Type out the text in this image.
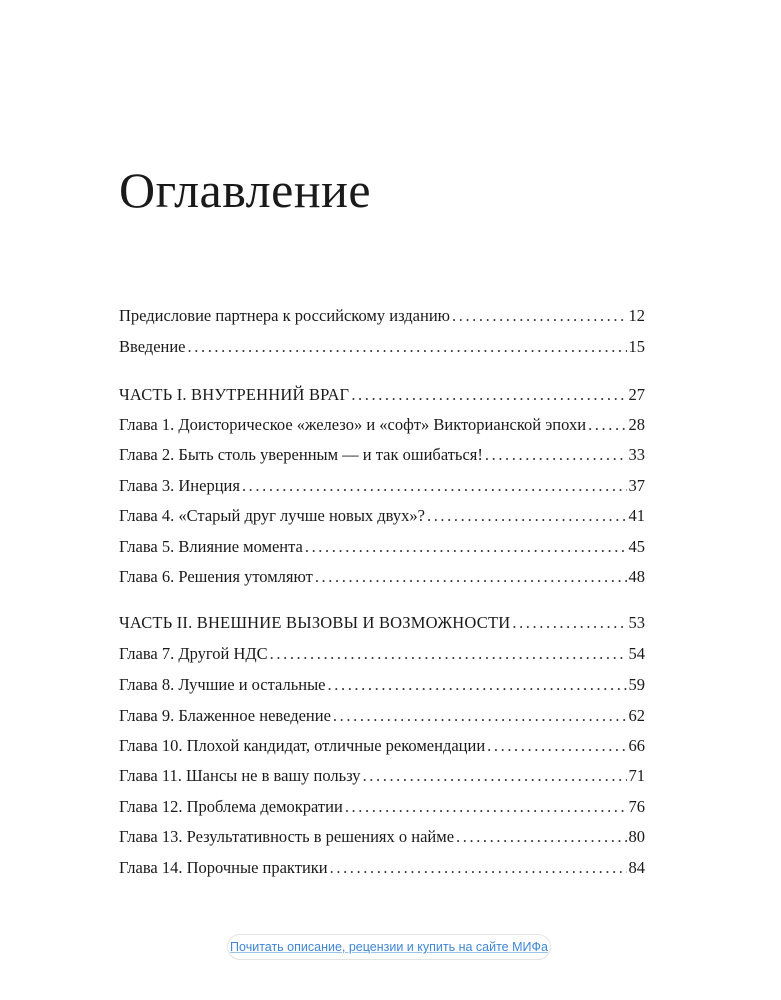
Оглавление
Предисловие партнера к российскому изданию .....	12
Введение .....	15
ЧАСТЬ I. ВНУТРЕННИЙ ВРАГ .....	27
Глава 1. Доисторическое «железо» и «софт» Викторианской эпохи .....	28
Глава 2. Быть столь уверенным — и так ошибаться! .....	33
Глава 3. Инерция .....	37
Глава 4. «Старый друг лучше новых двух»? .....	41
Глава 5. Влияние момента .....	45
Глава 6. Решения утомляют .....	48
ЧАСТЬ II. ВНЕШНИЕ ВЫЗОВЫ И ВОЗМОЖНОСТИ .....	53
Глава 7. Другой НДС .....	54
Глава 8. Лучшие и остальные .....	59
Глава 9. Блаженное неведение .....	62
Глава 10. Плохой кандидат, отличные рекомендации .....	66
Глава 11. Шансы не в вашу пользу .....	71
Глава 12. Проблема демократии .....	76
Глава 13. Результативность в решениях о найме .....	80
Глава 14. Порочные практики .....	84
Почитать описание, рецензии и купить на сайте МИФа
